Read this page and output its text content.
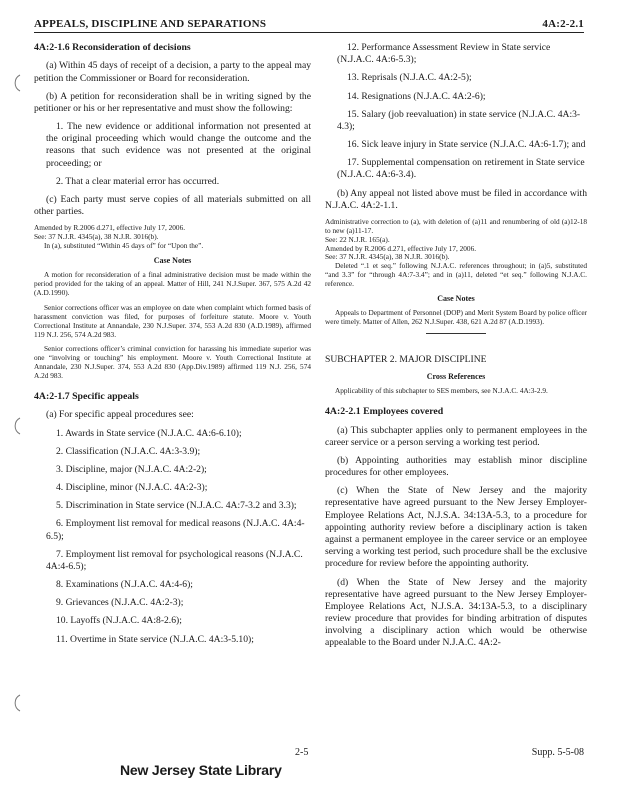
APPEALS, DISCIPLINE AND SEPARATIONS	4A:2-2.1
4A:2-1.6 Reconsideration of decisions

(a) Within 45 days of receipt of a decision, a party to the appeal may petition the Commissioner or Board for reconsideration.

(b) A petition for reconsideration shall be in writing signed by the petitioner or his or her representative and must show the following:

1. The new evidence or additional information not presented at the original proceeding which would change the outcome and the reasons that such evidence was not presented at the original proceeding; or

2. That a clear material error has occurred.

(c) Each party must serve copies of all materials submitted on all other parties.

Amended by R.2006 d.271, effective July 17, 2006.
See: 37 N.J.R. 4345(a), 38 N.J.R. 3016(b).
In (a), substituted “Within 45 days of” for “Upon the”.
Case Notes

A motion for reconsideration of a final administrative decision must be made within the period provided for the taking of an appeal. Matter of Hill, 241 N.J.Super. 367, 575 A.2d 42 (A.D.1990).

Senior corrections officer was an employee on date when complaint which formed basis of harassment conviction was filed, for purposes of forfeiture statute. Moore v. Youth Correctional Institute at Annandale, 230 N.J.Super. 374, 553 A.2d 830 (A.D.1989), affirmed 119 N.J. 256, 574 A.2d 983.

Senior corrections officer’s criminal conviction for harassing his immediate superior was one “involving or touching” his employment. Moore v. Youth Correctional Institute at Annandale, 230 N.J.Super. 374, 553 A.2d 830 (App.Div.1989) affirmed 119 N.J. 256, 574 A.2d 983.

4A:2-1.7 Specific appeals

(a) For specific appeal procedures see:

1. Awards in State service (N.J.A.C. 4A:6-6.10);
2. Classification (N.J.A.C. 4A:3-3.9);
3. Discipline, major (N.J.A.C. 4A:2-2);
4. Discipline, minor (N.J.A.C. 4A:2-3);
5. Discrimination in State service (N.J.A.C. 4A:7-3.2 and 3.3);
6. Employment list removal for medical reasons (N.J.A.C. 4A:4-6.5);
7. Employment list removal for psychological reasons (N.J.A.C. 4A:4-6.5);
8. Examinations (N.J.A.C. 4A:4-6);
9. Grievances (N.J.A.C. 4A:2-3);
10. Layoffs (N.J.A.C. 4A:8-2.6);
11. Overtime in State service (N.J.A.C. 4A:3-5.10);
12. Performance Assessment Review in State service (N.J.A.C. 4A:6-5.3);
13. Reprisals (N.J.A.C. 4A:2-5);
14. Resignations (N.J.A.C. 4A:2-6);
15. Salary (job reevaluation) in state service (N.J.A.C. 4A:3-4.3);
16. Sick leave injury in State service (N.J.A.C. 4A:6-1.7); and
17. Supplemental compensation on retirement in State service (N.J.A.C. 4A:6-3.4).

(b) Any appeal not listed above must be filed in accordance with N.J.A.C. 4A:2-1.1.

Administrative correction to (a), with deletion of (a)11 and renumbering of old (a)12-18 to new (a)11-17.
See: 22 N.J.R. 165(a).
Amended by R.2006 d.271, effective July 17, 2006.
See: 37 N.J.R. 4345(a), 38 N.J.R. 3016(b).
Deleted “.1 et seq.” following N.J.A.C. references throughout; in (a)5, substituted “and 3.3” for “through 4A:7-3.4”; and in (a)11, deleted “et seq.” following N.J.A.C. reference.
Case Notes

Appeals to Department of Personnel (DOP) and Merit System Board by police officer were timely. Matter of Allen, 262 N.J.Super. 438, 621 A.2d 87 (A.D.1993).

SUBCHAPTER 2. MAJOR DISCIPLINE
Cross References

Applicability of this subchapter to SES members, see N.J.A.C. 4A:3-2.9.

4A:2-2.1 Employees covered

(a) This subchapter applies only to permanent employees in the career service or a person serving a working test period.

(b) Appointing authorities may establish minor discipline procedures for other employees.

(c) When the State of New Jersey and the majority representative have agreed pursuant to the New Jersey Employer-Employee Relations Act, N.J.S.A. 34:13A-5.3, to a procedure for appointing authority review before a disciplinary action is taken against a permanent employee in the career service or an employee serving a working test period, such procedure shall be the exclusive procedure for review before the appointing authority.

(d) When the State of New Jersey and the majority representative have agreed pursuant to the New Jersey Employer-Employee Relations Act, N.J.S.A. 34:13A-5.3, to a disciplinary review procedure that provides for binding arbitration of disputes involving a disciplinary action which would be otherwise appealable to the Board under N.J.A.C. 4A:2-

2-5	Supp. 5-5-08
New Jersey State Library
